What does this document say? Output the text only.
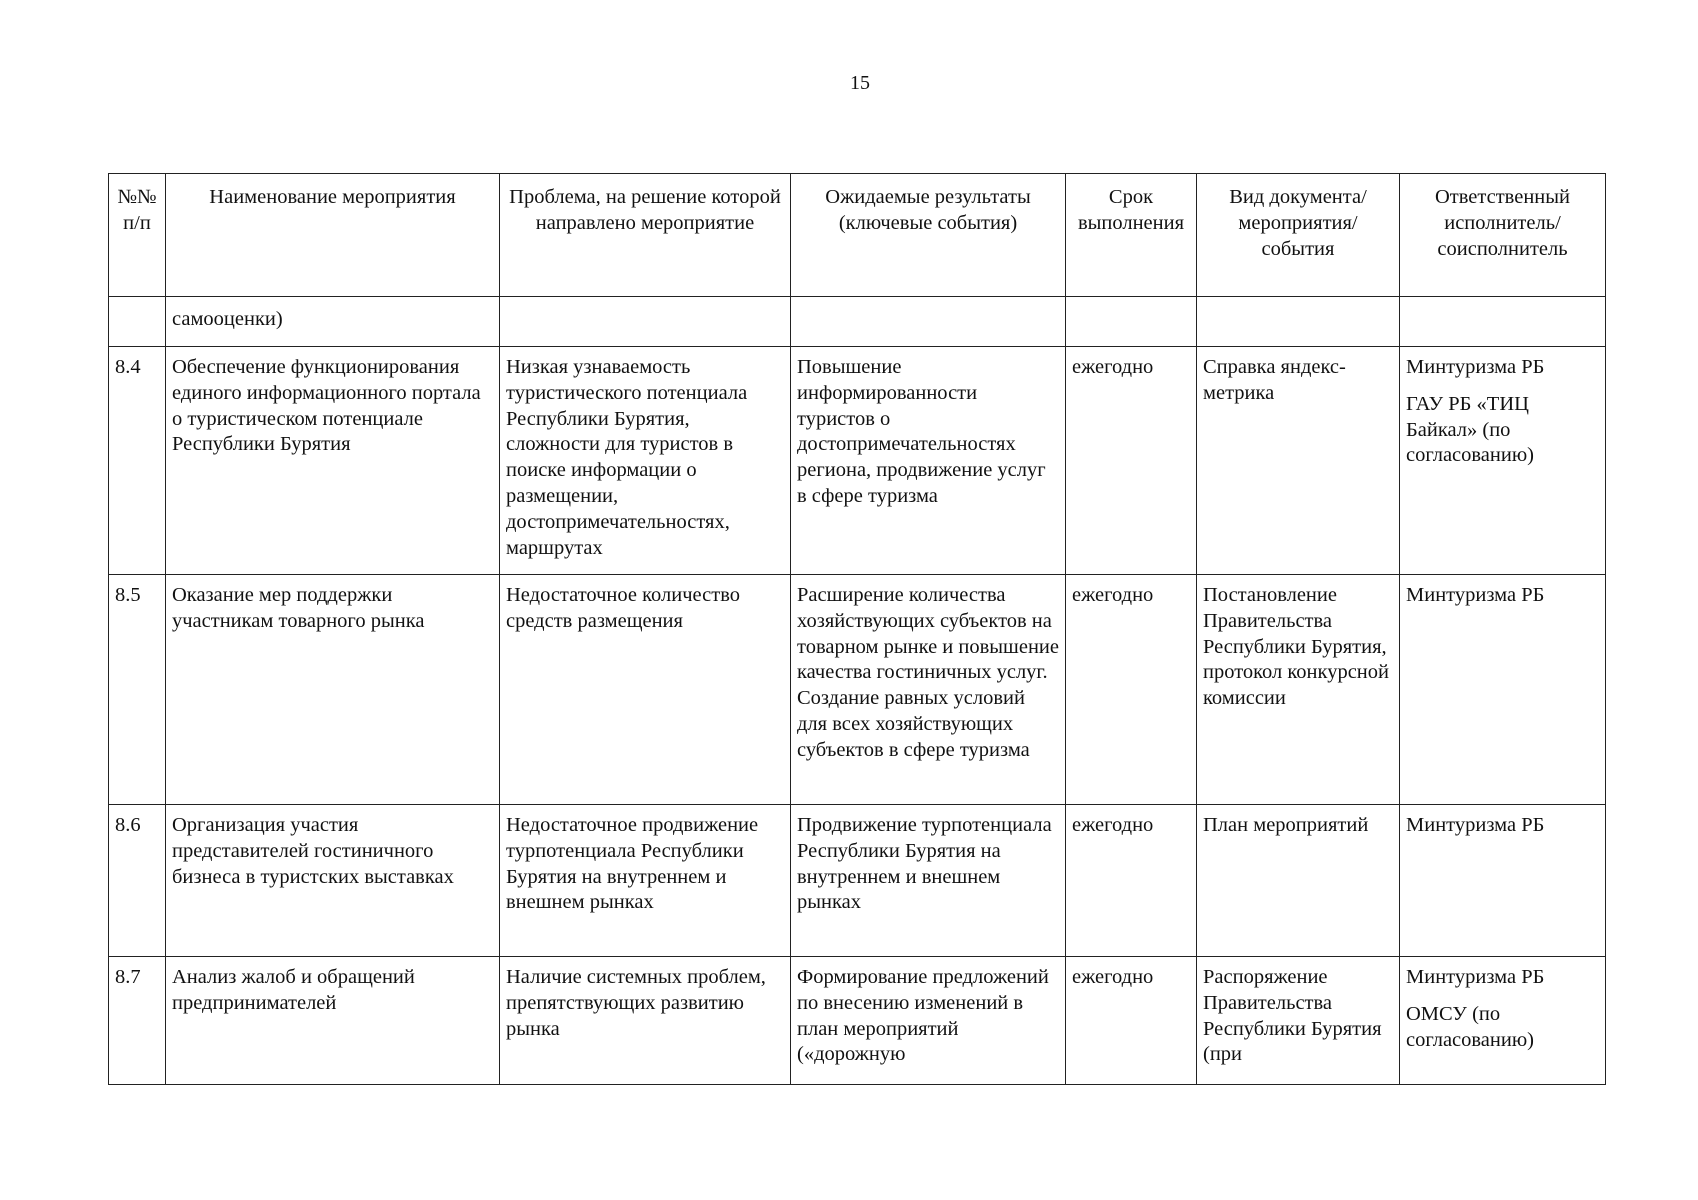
15
№№
п/п	Наименование мероприятия	Проблема, на решение которой направлено мероприятие	Ожидаемые результаты (ключевые события)	Срок выполнения	Вид документа/ мероприятия/ события	Ответственный исполнитель/ соисполнитель
	самооценки)					

8.4	Обеспечение функционирования единого информационного портала о туристическом потенциале Республики Бурятия	Низкая узнаваемость туристического потенциала Республики Бурятия, сложности для туристов в поиске информации о размещении, достопримечательностях, маршрутах	Повышение информированности туристов о достопримечательностях региона, продвижение услуг в сфере туризма	ежегодно	Справка яндекс-метрика	Минтуризма РБ
ГАУ РБ «ТИЦ Байкал» (по согласованию)

8.5	Оказание мер поддержки участникам товарного рынка	Недостаточное количество средств размещения	Расширение количества хозяйствующих субъектов на товарном рынке и повышение качества гостиничных услуг. Создание равных условий для всех хозяйствующих субъектов в сфере туризма	ежегодно	Постановление Правительства Республики Бурятия, протокол конкурсной комиссии	Минтуризма РБ

8.6	Организация участия представителей гостиничного бизнеса в туристских выставках	Недостаточное продвижение турпотенциала Республики Бурятия на внутреннем и внешнем рынках	Продвижение турпотенциала Республики Бурятия на внутреннем и внешнем рынках	ежегодно	План мероприятий	Минтуризма РБ

8.7	Анализ жалоб и обращений предпринимателей	Наличие системных проблем, препятствующих развитию рынка	Формирование предложений по внесению изменений в план мероприятий («дорожную	ежегодно	Распоряжение Правительства Республики Бурятия (при	Минтуризма РБ
ОМСУ (по согласованию)
